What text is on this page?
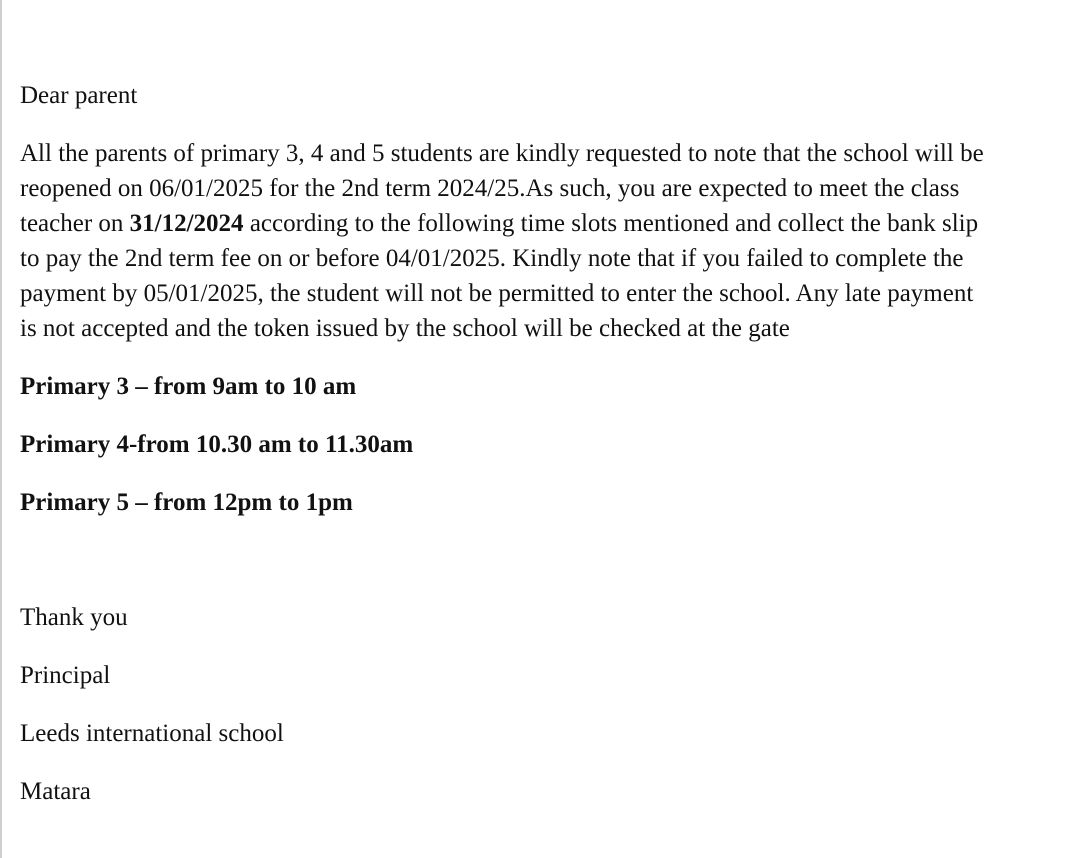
Dear parent

All the parents of primary 3, 4 and 5 students are kindly requested to note that the school will be
reopened on 06/01/2025 for the 2nd term 2024/25.As such, you are expected to meet the class
teacher on 31/12/2024 according to the following time slots mentioned and collect the bank slip
to pay the 2nd term fee on or before 04/01/2025. Kindly note that if you failed to complete the
payment by 05/01/2025, the student will not be permitted to enter the school. Any late payment
is not accepted and the token issued by the school will be checked at the gate

Primary 3 – from 9am to 10 am

Primary 4-from 10.30 am to 11.30am

Primary 5 – from 12pm to 1pm

Thank you

Principal

Leeds international school

Matara
